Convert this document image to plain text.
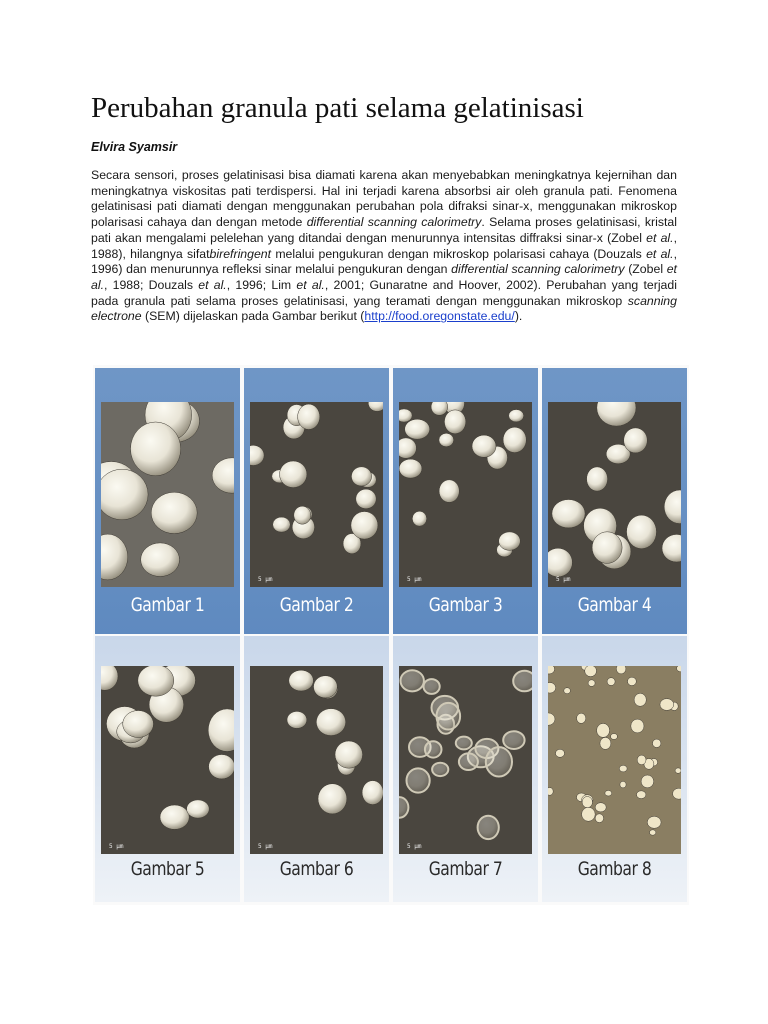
Perubahan granula pati selama gelatinisasi
Elvira Syamsir
Secara sensori, proses gelatinisasi bisa diamati karena akan menyebabkan meningkatnya kejernihan dan meningkatnya viskositas pati terdispersi. Hal ini terjadi karena absorbsi air oleh granula pati. Fenomena gelatinisasi pati diamati dengan menggunakan perubahan pola difraksi sinar-x, menggunakan mikroskop polarisasi cahaya dan dengan metode differential scanning calorimetry. Selama proses gelatinisasi, kristal pati akan mengalami pelelehan yang ditandai dengan menurunnya intensitas diffraksi sinar-x (Zobel et al., 1988), hilangnya sifatbirefringent melalui pengukuran dengan mikroskop polarisasi cahaya (Douzals et al., 1996) dan menurunnya refleksi sinar melalui pengukuran dengan differential scanning calorimetry (Zobel et al., 1988; Douzals et al., 1996; Lim et al., 2001; Gunaratne and Hoover, 2002). Perubahan yang terjadi pada granula pati selama proses gelatinisasi, yang teramati dengan menggunakan mikroskop scanning electrone (SEM) dijelaskan pada Gambar berikut (http://food.oregonstate.edu/).
Gambar 1
5 µm
Gambar 2
5 µm
Gambar 3
5 µm
Gambar 4
5 µm
Gambar 5
5 µm
Gambar 6
5 µm
Gambar 7	Gambar 8
